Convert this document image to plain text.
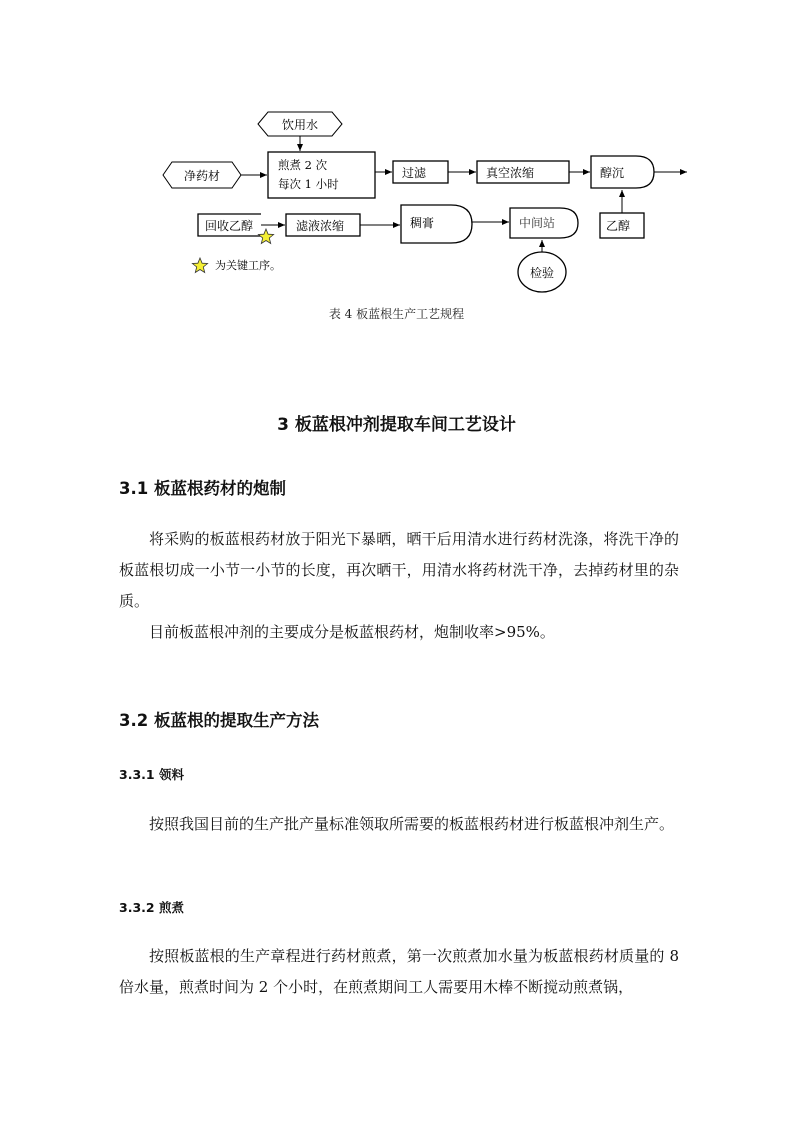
饮用水
净药材
煎煮 2 次
每次 1 小时
过滤	真空浓缩	醇沉
乙醇
回收乙醇	滤液浓缩	稠膏	中间站
检验
为关键工序。
表 4 板蓝根生产工艺规程
3 板蓝根冲剂提取车间工艺设计
3.1 板蓝根药材的炮制

将采购的板蓝根药材放于阳光下暴晒，晒干后用清水进行药材洗涤，将洗干净的板蓝根切成一小节一小节的长度，再次晒干，用清水将药材洗干净，去掉药材里的杂质。

目前板蓝根冲剂的主要成分是板蓝根药材，炮制收率>95%。

3.2 板蓝根的提取生产方法
3.3.1 领料

按照我国目前的生产批产量标准领取所需要的板蓝根药材进行板蓝根冲剂生产。

3.3.2 煎煮

按照板蓝根的生产章程进行药材煎煮，第一次煎煮加水量为板蓝根药材质量的 8 倍水量，煎煮时间为 2 个小时，在煎煮期间工人需要用木棒不断搅动煎煮锅，
